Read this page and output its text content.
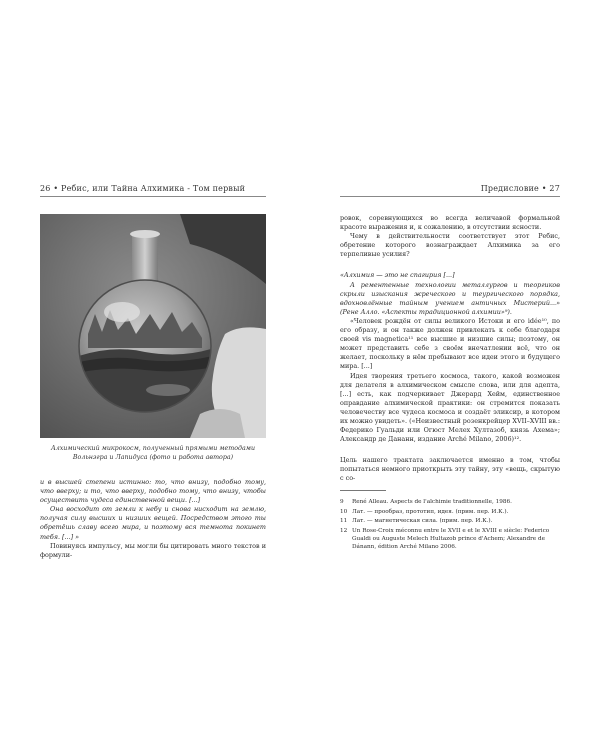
26 • Ребис, или Тайна Алхимика - Том первый
Алхимический микрокосм, полученный прямыми методами Вольнэгра и Лапидуса (фото и работа автора)

и в высшей степени истинно: то, что внизу, подобно тому, что вверху; и то, что вверху, подобно тому, что внизу, чтобы осуществить чудеса единственной вещи. [...]

Она восходит от земли к небу и снова нисходит на землю, получая силу высших и низших вещей. Посредством этого ты обретёшь славу всего мира, и поэтому вся темнота покинет тебя. [...] »

Повинуясь импульсу, мы могли бы цитировать много текстов и формули-

Предисловие • 27

ровок, соревнующихся во всегда величавой формальной красоте выражения и, к сожалению, в отсутствии ясности.

Чему в действительности соответствует этот Ребис, обретение которого вознаграждает Алхимика за его терпеливые усилия?

«Алхимия — это не спагирия [...]

А рементенные технологии металлургов и теоргиков скрыли изыскания жреческого и теургического порядка, вдохновлённые тайным учением античных Мистерий...» (Рене Алло. «Аспекты традиционной алхимии»⁹).

«Человек рождён от силы великого Истоки и его idée¹⁰, по его образу, и он также должен привлекать к себе благодаря своей vis magnetica¹¹ все высшие и низшие силы; поэтому, он может представить себе з своём внечатлении всё, что он желает, поскольку в нём пребывают все идеи этого и будущего мира. [...]

Идея творения третьего космоса, такого, какой возможен для делателя в алхимическом смысле слова, или для адепта, [...] есть, как подчеркивает Джерард Хейм, единственное оправдание алхимической практики: он стремится показать человечеству все чудеса космоса и создаёт эликсир, в котором их можно увидеть». («Неизвестный розенкрейцер XVII–XVIII вв.: Федерико Гуальди или Огюст Мелех Хултазоб, князь Ахема»; Александр де Дананн, издание Arché Milano, 2006)¹².

Цель нашего трактата заключается именно в том, чтобы попытаться немного приоткрыть эту тайну, эту «вещь, скрытую с со-

9	René Alleau. Aspects de l'alchimie traditionnelle, 1986.
10 Лат. — прообраз, прототип, идея. (прим. пер. И.К.).
11 Лат. — магнетическая сила. (прим. пер. И.К.).
12 Un Rose-Croix méconnu entre le XVII e et le XVIII e siècle: Federico Gualdi ou Auguste Melech Hultazob prince d'Achem; Alexandre de Dánann, édition Arché Milano 2006.
